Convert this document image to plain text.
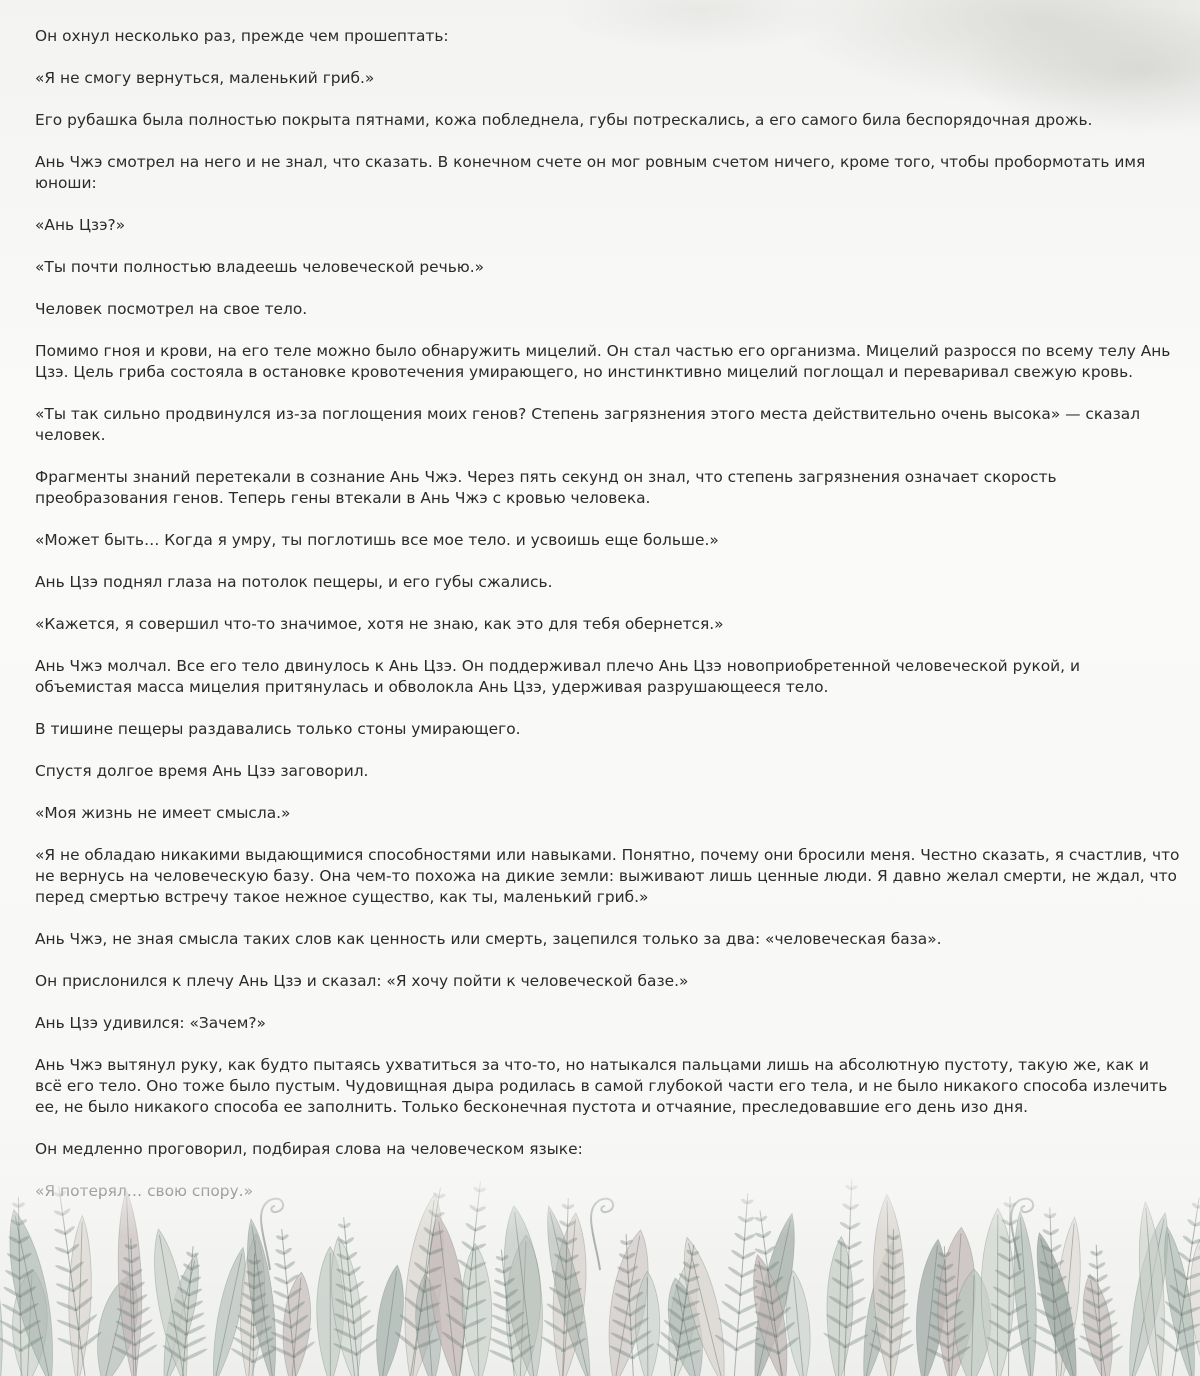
Он охнул несколько раз, прежде чем прошептать:

«Я не смогу вернуться, маленький гриб.»

Его рубашка была полностью покрыта пятнами, кожа побледнела, губы потрескались, а его самого била беспорядочная дрожь.

Ань Чжэ смотрел на него и не знал, что сказать. В конечном счете он мог ровным счетом ничего, кроме того, чтобы пробормотать имя юноши:

«Ань Цзэ?»

«Ты почти полностью владеешь человеческой речью.»

Человек посмотрел на свое тело.

Помимо гноя и крови, на его теле можно было обнаружить мицелий. Он стал частью его организма. Мицелий разросся по всему телу Ань Цзэ. Цель гриба состояла в остановке кровотечения умирающего, но инстинктивно мицелий поглощал и переваривал свежую кровь.

«Ты так сильно продвинулся из-за поглощения моих генов? Степень загрязнения этого места действительно очень высока» — сказал человек.

Фрагменты знаний перетекали в сознание Ань Чжэ. Через пять секунд он знал, что степень загрязнения означает скорость преобразования генов. Теперь гены втекали в Ань Чжэ с кровью человека.

«Может быть… Когда я умру, ты поглотишь все мое тело. и усвоишь еще больше.»

Ань Цзэ поднял глаза на потолок пещеры, и его губы сжались.

«Кажется, я совершил что-то значимое, хотя не знаю, как это для тебя обернется.»

Ань Чжэ молчал. Все его тело двинулось к Ань Цзэ. Он поддерживал плечо Ань Цзэ новоприобретенной человеческой рукой, и объемистая масса мицелия притянулась и обволокла Ань Цзэ, удерживая разрушающееся тело.

В тишине пещеры раздавались только стоны умирающего.

Спустя долгое время Ань Цзэ заговорил.

«Моя жизнь не имеет смысла.»

«Я не обладаю никакими выдающимися способностями или навыками. Понятно, почему они бросили меня. Честно сказать, я счастлив, что не вернусь на человеческую базу. Она чем-то похожа на дикие земли: выживают лишь ценные люди. Я давно желал смерти, не ждал, что перед смертью встречу такое нежное существо, как ты, маленький гриб.»

Ань Чжэ, не зная смысла таких слов как ценность или смерть, зацепился только за два: «человеческая база».

Он прислонился к плечу Ань Цзэ и сказал: «Я хочу пойти к человеческой базе.»

Ань Цзэ удивился: «Зачем?»

Ань Чжэ вытянул руку, как будто пытаясь ухватиться за что-то, но натыкался пальцами лишь на абсолютную пустоту, такую же, как и всё его тело. Оно тоже было пустым. Чудовищная дыра родилась в самой глубокой части его тела, и не было никакого способа излечить ее, не было никакого способа ее заполнить. Только бесконечная пустота и отчаяние, преследовавшие его день изо дня.

Он медленно проговорил, подбирая слова на человеческом языке:
